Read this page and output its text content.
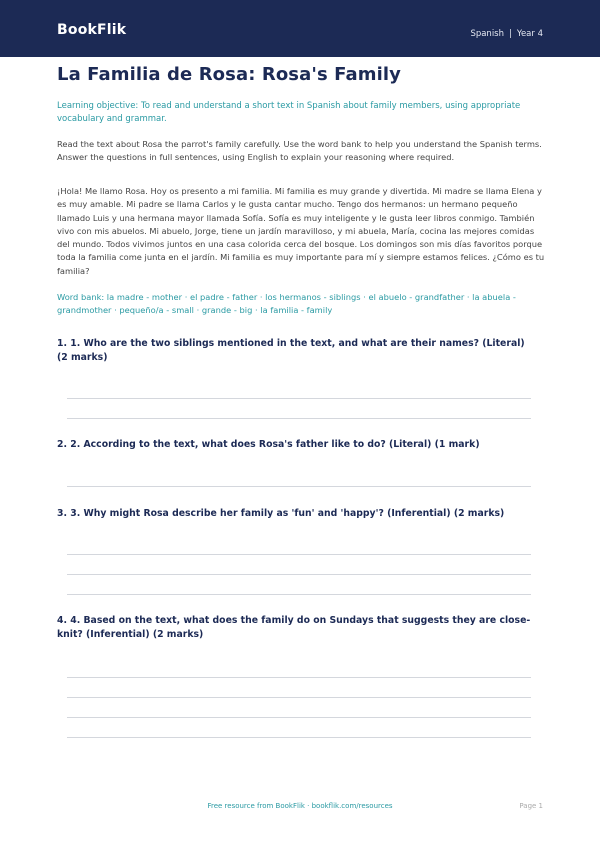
BookFlik	Spanish | Year 4
La Familia de Rosa: Rosa's Family

Learning objective: To read and understand a short text in Spanish about family members, using appropriate vocabulary and grammar.

Read the text about Rosa the parrot's family carefully. Use the word bank to help you understand the Spanish terms. Answer the questions in full sentences, using English to explain your reasoning where required.

¡Hola! Me llamo Rosa. Hoy os presento a mi familia. Mi familia es muy grande y divertida. Mi madre se llama Elena y es muy amable. Mi padre se llama Carlos y le gusta cantar mucho. Tengo dos hermanos: un hermano pequeño llamado Luis y una hermana mayor llamada Sofía. Sofía es muy inteligente y le gusta leer libros conmigo. También vivo con mis abuelos. Mi abuelo, Jorge, tiene un jardín maravilloso, y mi abuela, María, cocina las mejores comidas del mundo. Todos vivimos juntos en una casa colorida cerca del bosque. Los domingos son mis días favoritos porque toda la familia come junta en el jardín. Mi familia es muy importante para mí y siempre estamos felices. ¿Cómo es tu familia?

Word bank: la madre - mother · el padre - father · los hermanos - siblings · el abuelo - grandfather · la abuela - grandmother · pequeño/a - small · grande - big · la familia - family

1. 1. Who are the two siblings mentioned in the text, and what are their names? (Literal) (2 marks)

2. 2. According to the text, what does Rosa's father like to do? (Literal) (1 mark)

3. 3. Why might Rosa describe her family as 'fun' and 'happy'? (Inferential) (2 marks)

4. 4. Based on the text, what does the family do on Sundays that suggests they are close-knit? (Inferential) (2 marks)

Free resource from BookFlik · bookflik.com/resources	Page 1
